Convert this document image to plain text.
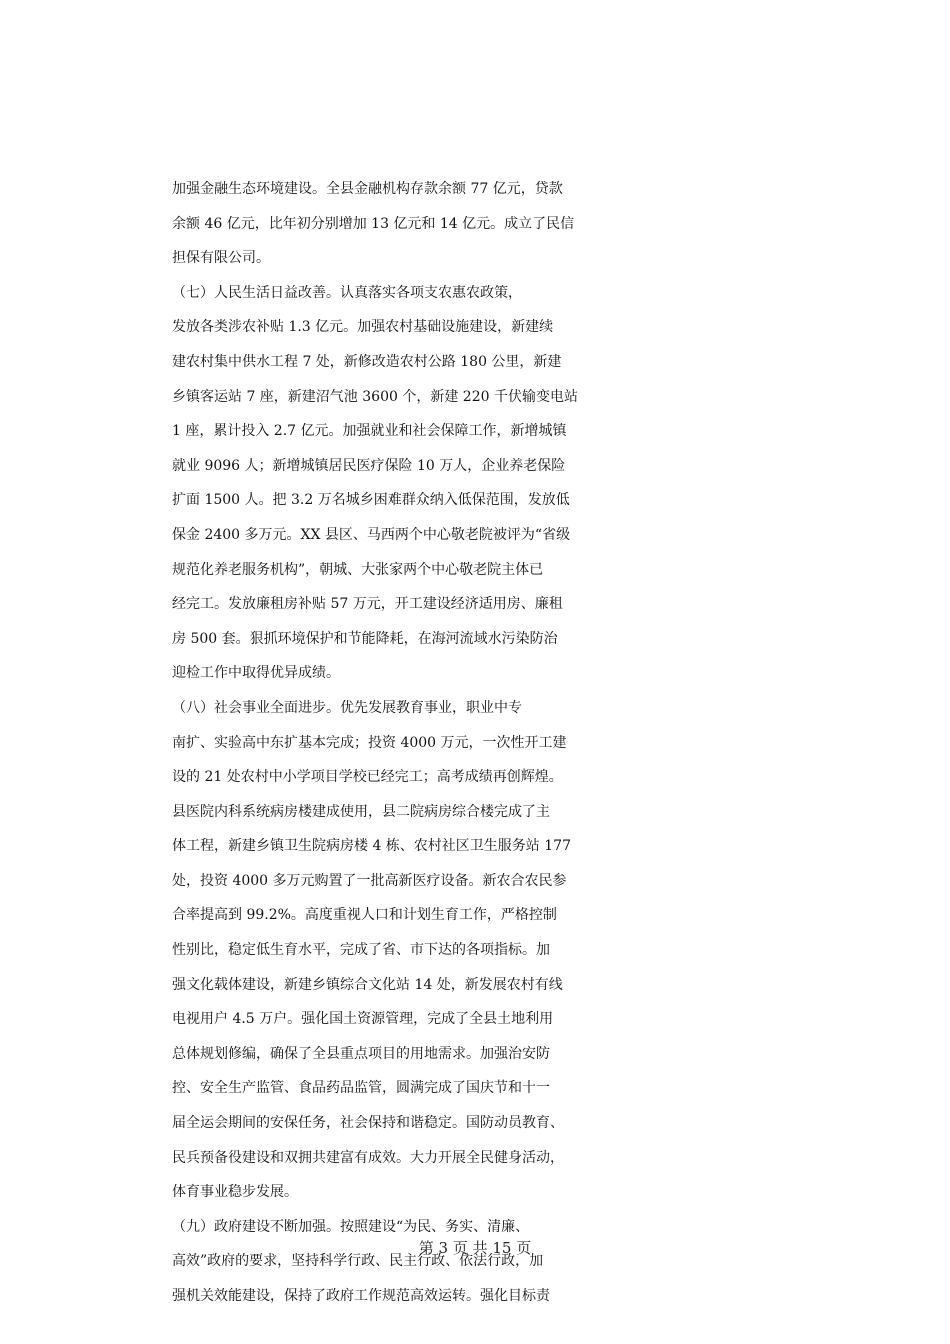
加强金融生态环境建设。全县金融机构存款余额 77 亿元，贷款
余额 46 亿元，比年初分别增加 13 亿元和 14 亿元。成立了民信
担保有限公司。
（七）人民生活日益改善。认真落实各项支农惠农政策，
发放各类涉农补贴 1.3 亿元。加强农村基础设施建设，新建续
建农村集中供水工程 7 处，新修改造农村公路 180 公里，新建
乡镇客运站 7 座，新建沼气池 3600 个，新建 220 千伏输变电站
1 座，累计投入 2.7 亿元。加强就业和社会保障工作，新增城镇
就业 9096 人；新增城镇居民医疗保险 10 万人，企业养老保险
扩面 1500 人。把 3.2 万名城乡困难群众纳入低保范围，发放低
保金 2400 多万元。XX 县区、马西两个中心敬老院被评为“省级
规范化养老服务机构”，朝城、大张家两个中心敬老院主体已
经完工。发放廉租房补贴 57 万元，开工建设经济适用房、廉租
房 500 套。狠抓环境保护和节能降耗，在海河流域水污染防治
迎检工作中取得优异成绩。
（八）社会事业全面进步。优先发展教育事业，职业中专
南扩、实验高中东扩基本完成；投资 4000 万元，一次性开工建
设的 21 处农村中小学项目学校已经完工；高考成绩再创辉煌。
县医院内科系统病房楼建成使用，县二院病房综合楼完成了主
体工程，新建乡镇卫生院病房楼 4 栋、农村社区卫生服务站 177
处，投资 4000 多万元购置了一批高新医疗设备。新农合农民参
合率提高到 99.2%。高度重视人口和计划生育工作，严格控制
性别比，稳定低生育水平，完成了省、市下达的各项指标。加
强文化载体建设，新建乡镇综合文化站 14 处，新发展农村有线
电视用户 4.5 万户。强化国土资源管理，完成了全县土地利用
总体规划修编，确保了全县重点项目的用地需求。加强治安防
控、安全生产监管、食品药品监管，圆满完成了国庆节和十一
届全运会期间的安保任务，社会保持和谐稳定。国防动员教育、
民兵预备役建设和双拥共建富有成效。大力开展全民健身活动，
体育事业稳步发展。
（九）政府建设不断加强。按照建设“为民、务实、清廉、
高效”政府的要求，坚持科学行政、民主行政、依法行政，加
强机关效能建设，保持了政府工作规范高效运转。强化目标责
第 3 页 共 15 页
